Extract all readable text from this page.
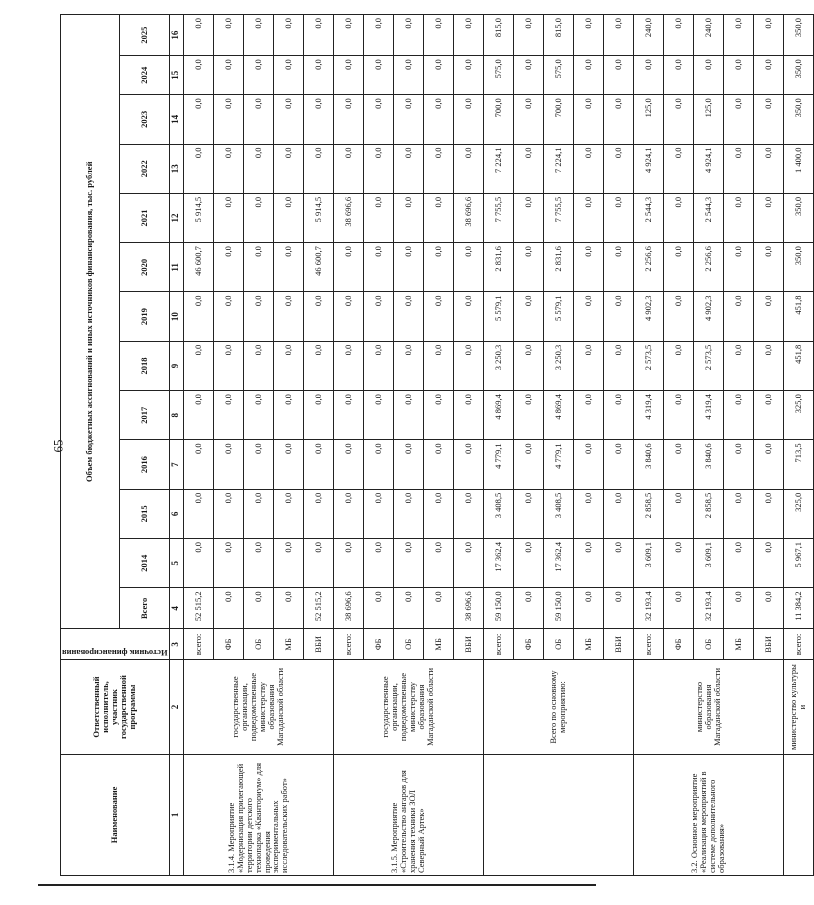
65
Наименование	Ответственный исполнитель, участник государственной программы	Источник финансирования	Объем бюджетных ассигнований и иных источников финансирования, тыс. рублей												
			Всего	2014	2015	2016	2017	2018	2019	2020	2021	2022	2023	2024	2025
1	2	3	4	5	6	7	8	9	10	11	12	13	14	15	16
3.1.4. Мероприятие «Модернизация прилегающей территории детского технопарка «Кванториум» для проведения экспериментальных исследовательских работ»	государственные организации, подведомственные министерству образования Магаданской области	всего:	52 515,2	0,0	0,0	0,0	0,0	0,0	0,0	46 600,7	5 914,5	0,0	0,0	0,0	0,0
		ФБ	0,0	0,0	0,0	0,0	0,0	0,0	0,0	0,0	0,0	0,0	0,0	0,0	0,0
		ОБ	0,0	0,0	0,0	0,0	0,0	0,0	0,0	0,0	0,0	0,0	0,0	0,0	0,0
		МБ	0,0	0,0	0,0	0,0	0,0	0,0	0,0	0,0	0,0	0,0	0,0	0,0	0,0
		ВБИ	52 515,2	0,0	0,0	0,0	0,0	0,0	0,0	46 600,7	5 914,5	0,0	0,0	0,0	0,0
3.1.5. Мероприятие «Строительство ангаров для хранения техники ЗОЛ Северный Артек»	государственные организации, подведомственные министерству образования Магаданской области	всего:	38 696,6	0,0	0,0	0,0	0,0	0,0	0,0	0,0	38 696,6	0,0	0,0	0,0	0,0
		ФБ	0,0	0,0	0,0	0,0	0,0	0,0	0,0	0,0	0,0	0,0	0,0	0,0	0,0
		ОБ	0,0	0,0	0,0	0,0	0,0	0,0	0,0	0,0	0,0	0,0	0,0	0,0	0,0
		МБ	0,0	0,0	0,0	0,0	0,0	0,0	0,0	0,0	0,0	0,0	0,0	0,0	0,0
		ВБИ	38 696,6	0,0	0,0	0,0	0,0	0,0	0,0	0,0	38 696,6	0,0	0,0	0,0	0,0
	Всего по основному мероприятию:	всего:	59 150,0	17 362,4	3 408,5	4 779,1	4 869,4	3 250,3	5 579,1	2 831,6	7 755,5	7 224,1	700,0	575,0	815,0
		ФБ	0,0	0,0	0,0	0,0	0,0	0,0	0,0	0,0	0,0	0,0	0,0	0,0	0,0
		ОБ	59 150,0	17 362,4	3 408,5	4 779,1	4 869,4	3 250,3	5 579,1	2 831,6	7 755,5	7 224,1	700,0	575,0	815,0
		МБ	0,0	0,0	0,0	0,0	0,0	0,0	0,0	0,0	0,0	0,0	0,0	0,0	0,0
		ВБИ	0,0	0,0	0,0	0,0	0,0	0,0	0,0	0,0	0,0	0,0	0,0	0,0	0,0
3.2. Основное мероприятие «Реализация мероприятий в системе дополнительного образования»	министерство образования Магаданской области	всего:	32 193,4	3 609,1	2 858,5	3 840,6	4 319,4	2 573,5	4 902,3	2 256,6	2 544,3	4 924,1	125,0	0,0	240,0
		ФБ	0,0	0,0	0,0	0,0	0,0	0,0	0,0	0,0	0,0	0,0	0,0	0,0	0,0
		ОБ	32 193,4	3 609,1	2 858,5	3 840,6	4 319,4	2 573,5	4 902,3	2 256,6	2 544,3	4 924,1	125,0	0,0	240,0
		МБ	0,0	0,0	0,0	0,0	0,0	0,0	0,0	0,0	0,0	0,0	0,0	0,0	0,0
		ВБИ	0,0	0,0	0,0	0,0	0,0	0,0	0,0	0,0	0,0	0,0	0,0	0,0	0,0
	министерство культуры и	всего:	11 384,2	5 967,1	325,0	713,5	325,0	451,8	451,8	350,0	350,0	1 400,0	350,0	350,0	350,0
